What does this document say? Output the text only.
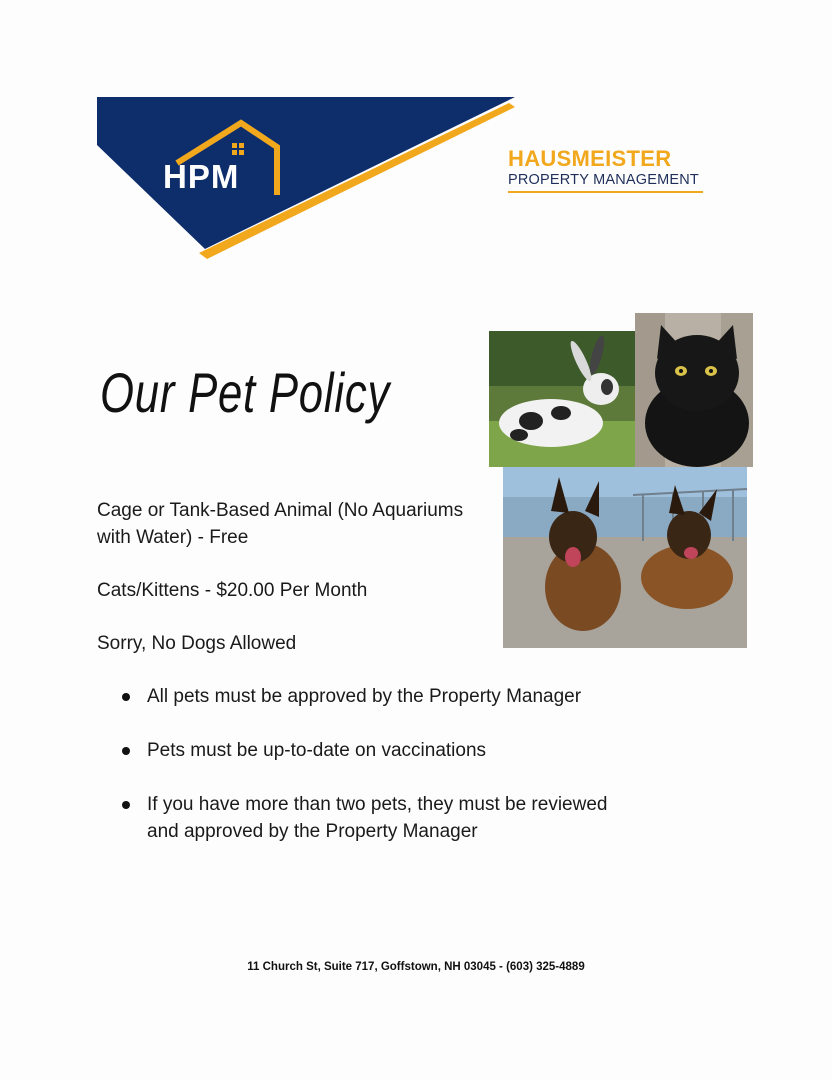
HPM	HAUSMEISTER
PROPERTY MANAGEMENT
Our Pet Policy
Cage or Tank-Based Animal (No Aquariums with Water) - Free
Cats/Kittens - $20.00 Per Month
Sorry, No Dogs Allowed
All pets must be approved by the Property Manager
Pets must be up-to-date on vaccinations
If you have more than two pets, they must be reviewed and approved by the Property Manager
11 Church St, Suite 717, Goffstown, NH 03045 - (603) 325-4889
